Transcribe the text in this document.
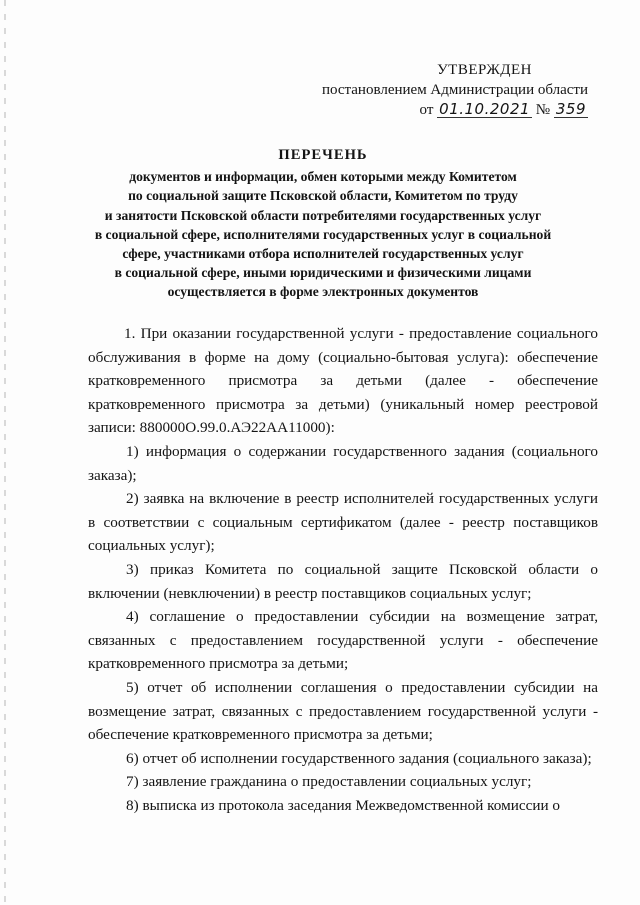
УТВЕРЖДЕН
постановлением Администрации области
от 01.10.2021 № 359
ПЕРЕЧЕНЬ
документов и информации, обмен которыми между Комитетом
по социальной защите Псковской области, Комитетом по труду
и занятости Псковской области потребителями государственных услуг
в социальной сфере, исполнителями государственных услуг в социальной
сфере, участниками отбора исполнителей государственных услуг
в социальной сфере, иными юридическими и физическими лицами
осуществляется в форме электронных документов

1. При оказании государственной услуги - предоставление социального обслуживания в форме на дому (социально-бытовая услуга): обеспечение кратковременного присмотра за детьми (далее - обеспечение кратковременного присмотра за детьми) (уникальный номер реестровой записи: 880000О.99.0.АЭ22АА11000):

1) информация о содержании государственного задания (социального заказа);

2) заявка на включение в реестр исполнителей государственных услуги в соответствии с социальным сертификатом (далее - реестр поставщиков социальных услуг);

3) приказ Комитета по социальной защите Псковской области о включении (невключении) в реестр поставщиков социальных услуг;

4) соглашение о предоставлении субсидии на возмещение затрат, связанных с предоставлением государственной услуги - обеспечение кратковременного присмотра за детьми;

5) отчет об исполнении соглашения о предоставлении субсидии на возмещение затрат, связанных с предоставлением государственной услуги - обеспечение кратковременного присмотра за детьми;

6) отчет об исполнении государственного задания (социального заказа);

7) заявление гражданина о предоставлении социальных услуг;

8) выписка из протокола заседания Межведомственной комиссии о
